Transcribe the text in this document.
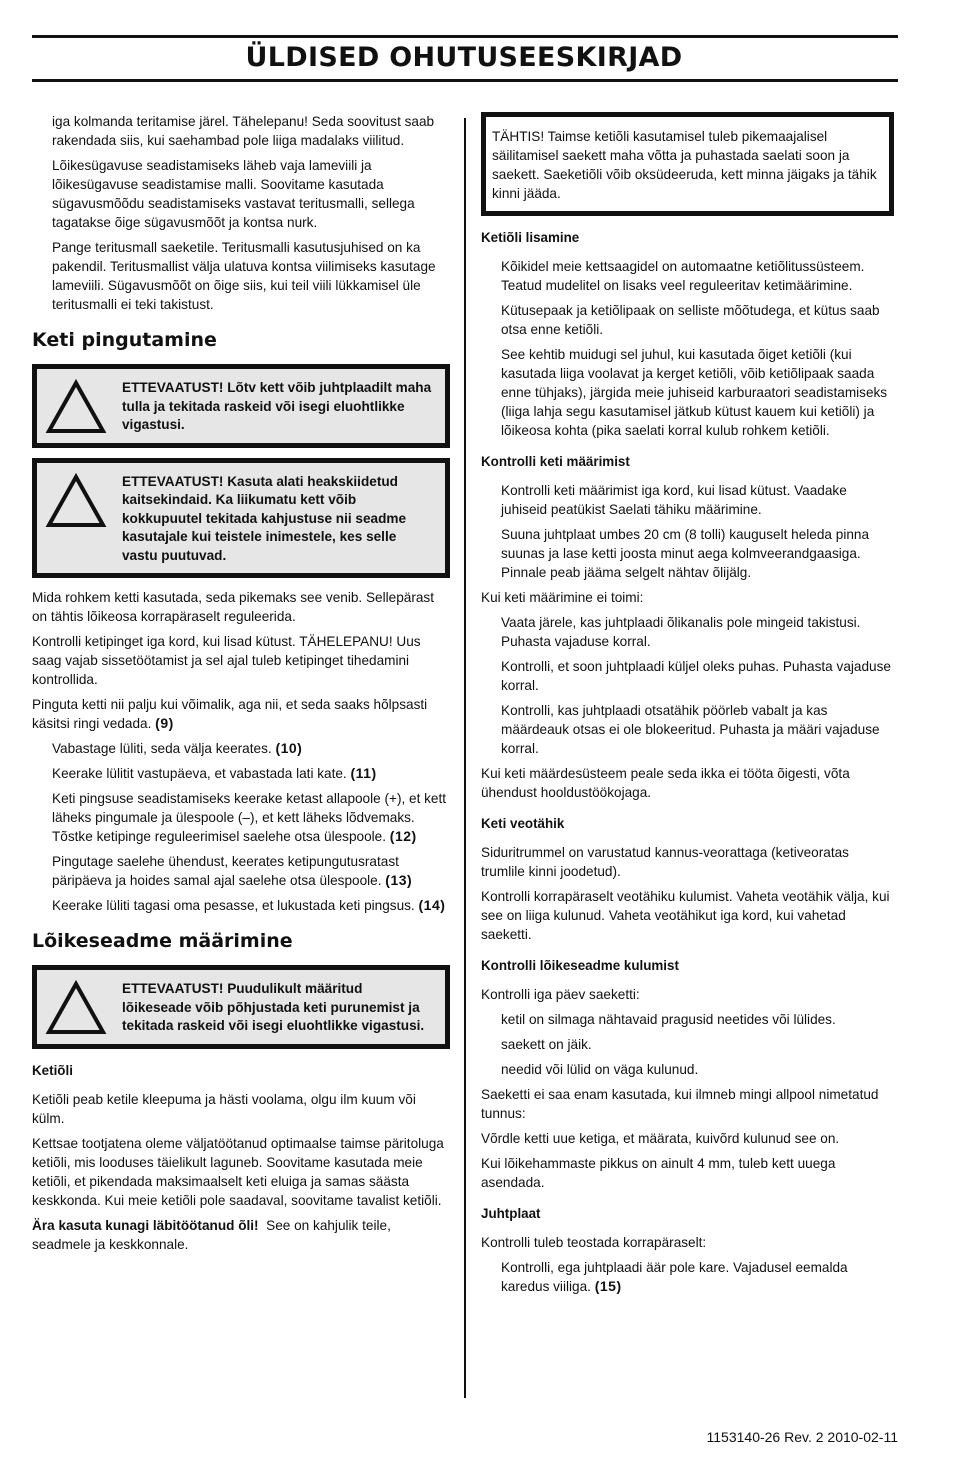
ÜLDISED OHUTUSEESKIRJAD

iga kolmanda teritamise järel. Tähelepanu! Seda soovitust saab rakendada siis, kui saehambad pole liiga madalaks viilitud.

Lõikesügavuse seadistamiseks läheb vaja lameviili ja lõikesügavuse seadistamise malli. Soovitame kasutada sügavusmõõdu seadistamiseks vastavat teritusmalli, sellega tagatakse õige sügavusmõõt ja kontsa nurk.

Pange teritusmall saeketile. Teritusmalli kasutusjuhised on ka pakendil. Teritusmallist välja ulatuva kontsa viilimiseks kasutage lameviili. Sügavusmõõt on õige siis, kui teil viili lükkamisel üle teritusmalli ei teki takistust.

Keti pingutamine
ETTEVAATUST! Lõtv kett võib juhtplaadilt maha tulla ja tekitada raskeid või isegi eluohtlikke vigastusi.
ETTEVAATUST! Kasuta alati heakskiidetud kaitsekindaid. Ka liikumatu kett võib kokkupuutel tekitada kahjustuse nii seadme kasutajale kui teistele inimestele, kes selle vastu puutuvad.

Mida rohkem ketti kasutada, seda pikemaks see venib. Sellepärast on tähtis lõikeosa korrapäraselt reguleerida.

Kontrolli ketipinget iga kord, kui lisad kütust. TÄHELEPANU! Uus saag vajab sissetöötamist ja sel ajal tuleb ketipinget tihedamini kontrollida.

Pinguta ketti nii palju kui võimalik, aga nii, et seda saaks hõlpsasti käsitsi ringi vedada. (9)

Vabastage lüliti, seda välja keerates. (10)

Keerake lülitit vastupäeva, et vabastada lati kate. (11)

Keti pingsuse seadistamiseks keerake ketast allapoole (+), et kett läheks pingumale ja ülespoole (–), et kett läheks lõdvemaks. Tõstke ketipinge reguleerimisel saelehe otsa ülespoole. (12)

Pingutage saelehe ühendust, keerates ketipungutusratast päripäeva ja hoides samal ajal saelehe otsa ülespoole. (13)

Keerake lüliti tagasi oma pesasse, et lukustada keti pingsus. (14)

Lõikeseadme määrimine
ETTEVAATUST! Puudulikult määritud lõikeseade võib põhjustada keti purunemist ja tekitada raskeid või isegi eluohtlikke vigastusi.

Ketiõli

Ketiõli peab ketile kleepuma ja hästi voolama, olgu ilm kuum või külm.

Kettsae tootjatena oleme väljatöötanud optimaalse taimse päritoluga ketiõli, mis looduses täielikult laguneb. Soovitame kasutada meie ketiõli, et pikendada maksimaalselt keti eluiga ja samas säästa keskkonda. Kui meie ketiõli pole saadaval, soovitame tavalist ketiõli.

Ära kasuta kunagi läbitöötanud õli! See on kahjulik teile, seadmele ja keskkonnale.

TÄHTIS! Taimse ketiõli kasutamisel tuleb pikemaajalisel säilitamisel saekett maha võtta ja puhastada saelati soon ja saekett. Saeketiõli võib oksüdeeruda, kett minna jäigaks ja tähik kinni jääda.

Ketiõli lisamine

Kõikidel meie kettsaagidel on automaatne ketiõlitussüsteem. Teatud mudelitel on lisaks veel reguleeritav ketimäärimine.

Kütusepaak ja ketiõlipaak on selliste mõõtudega, et kütus saab otsa enne ketiõli.

See kehtib muidugi sel juhul, kui kasutada õiget ketiõli (kui kasutada liiga voolavat ja kerget ketiõli, võib ketiõlipaak saada enne tühjaks), järgida meie juhiseid karburaatori seadistamiseks (liiga lahja segu kasutamisel jätkub kütust kauem kui ketiõli) ja lõikeosa kohta (pika saelati korral kulub rohkem ketiõli.

Kontrolli keti määrimist

Kontrolli keti määrimist iga kord, kui lisad kütust. Vaadake juhiseid peatükist Saelati tähiku määrimine.

Suuna juhtplaat umbes 20 cm (8 tolli) kauguselt heleda pinna suunas ja lase ketti joosta minut aega kolmveerandgaasiga. Pinnale peab jääma selgelt nähtav õlijälg.

Kui keti määrimine ei toimi:

Vaata järele, kas juhtplaadi õlikanalis pole mingeid takistusi. Puhasta vajaduse korral.

Kontrolli, et soon juhtplaadi küljel oleks puhas. Puhasta vajaduse korral.

Kontrolli, kas juhtplaadi otsatähik pöörleb vabalt ja kas määrdeauk otsas ei ole blokeeritud. Puhasta ja määri vajaduse korral.

Kui keti määrdesüsteem peale seda ikka ei tööta õigesti, võta ühendust hooldustöökojaga.

Keti veotähik

Siduritrummel on varustatud kannus-veorattaga (ketiveoratas trumlile kinni joodetud).

Kontrolli korrapäraselt veotähiku kulumist. Vaheta veotähik välja, kui see on liiga kulunud. Vaheta veotähikut iga kord, kui vahetad saeketti.

Kontrolli lõikeseadme kulumist

Kontrolli iga päev saeketti:

ketil on silmaga nähtavaid pragusid neetides või lülides.

saekett on jäik.

needid või lülid on väga kulunud.

Saeketti ei saa enam kasutada, kui ilmneb mingi allpool nimetatud tunnus:

Võrdle ketti uue ketiga, et määrata, kuivõrd kulunud see on.

Kui lõikehammaste pikkus on ainult 4 mm, tuleb kett uuega asendada.

Juhtplaat

Kontrolli tuleb teostada korrapäraselt:

Kontrolli, ega juhtplaadi äär pole kare. Vajadusel eemalda karedus viiliga. (15)

1153140-26 Rev. 2 2010-02-11
